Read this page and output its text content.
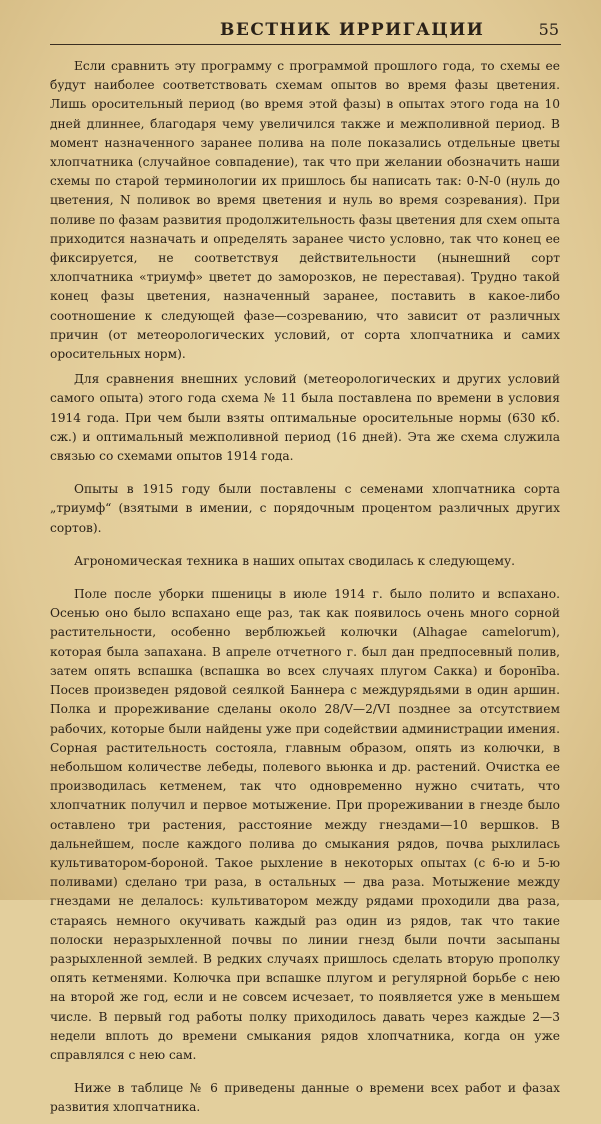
ВЕСТНИК ИРРИГАЦИИ	55

Если сравнить эту программу с программой прошлого года, то схемы ее будут наиболее соответствовать схемам опытов во время фазы цветения. Лишь оросительный период (во время этой фазы) в опытах этого года на 10 дней длиннее, благодаря чему увеличился также и межполивной период. В момент назначенного заранее полива на поле показались отдельные цветы хлопчатника (случайное совпадение), так что при желании обозначить наши схемы по старой терминологии их пришлось бы написать так: 0-N-0 (нуль до цветения, N поливок во время цветения и нуль во время созревания). При поливе по фазам развития продолжительность фазы цветения для схем опыта приходится назначать и определять заранее чисто условно, так что конец ее фиксируется, не соответствуя действительности (нынешний сорт хлопчатника «триумф» цветет до заморозков, не переставая). Трудно такой конец фазы цветения, назначенный заранее, поставить в какое-либо соотношение к следующей фазе—созреванию, что зависит от различных причин (от метеорологических условий, от сорта хлопчатника и самих оросительных норм).

Для сравнения внешних условий (метеорологических и других условий самого опыта) этого года схема № 11 была поставлена по времени в условия 1914 года. При чем были взяты оптимальные оросительные нормы (630 кб. сж.) и оптимальный межполивной период (16 дней). Эта же схема служила связью со схемами опытов 1914 года.

Опыты в 1915 году были поставлены с семенами хлопчатника сорта „триумф“ (взятыми в имении, с порядочным процентом различных других сортов).

Агрономическая техника в наших опытах сводилась к следующему.

Поле после уборки пшеницы в июле 1914 г. было полито и вспахано. Осенью оно было вспахано еще раз, так как появилось очень много сорной растительности, особенно верблюжьей колючки (Alhagae camelorum), которая была запахана. В апреле отчетного г. был дан предпосевный полив, затем опять вспашка (вспашка во всех случаях плугом Сакка) и боронība. Посев произведен рядовой сеялкой Баннера с междурядьями в один аршин. Полка и прореживание сделаны около 28/V—2/VI позднее за отсутствием рабочих, которые были найдены уже при содействии администрации имения. Сорная растительность состояла, главным образом, опять из колючки, в небольшом количестве лебеды, полевого вьюнка и др. растений. Очистка ее производилась кетменем, так что одновременно нужно считать, что хлопчатник получил и первое мотыжение. При прореживании в гнезде было оставлено три растения, расстояние между гнездами—10 вершков. В дальнейшем, после каждого полива до смыкания рядов, почва рыхлилась культиватором-бороной. Такое рыхление в некоторых опытах (с 6-ю и 5-ю поливами) сделано три раза, в остальных — два раза. Мотыжение между гнездами не делалось: культиватором между рядами проходили два раза, стараясь немного окучивать каждый раз один из рядов, так что такие полоски неразрыхленной почвы по линии гнезд были почти засыпаны разрыхленной землей. В редких случаях пришлось сделать вторую прополку опять кетменями. Колючка при вспашке плугом и регулярной борьбе с нею на второй же год, если и не совсем исчезает, то появляется уже в меньшем числе. В первый год работы полку приходилось давать через каждые 2—3 недели вплоть до времени смыкания рядов хлопчатника, когда он уже справлялся с нею сам.

Ниже в таблице № 6 приведены данные о времени всех работ и фазах развития хлопчатника.
